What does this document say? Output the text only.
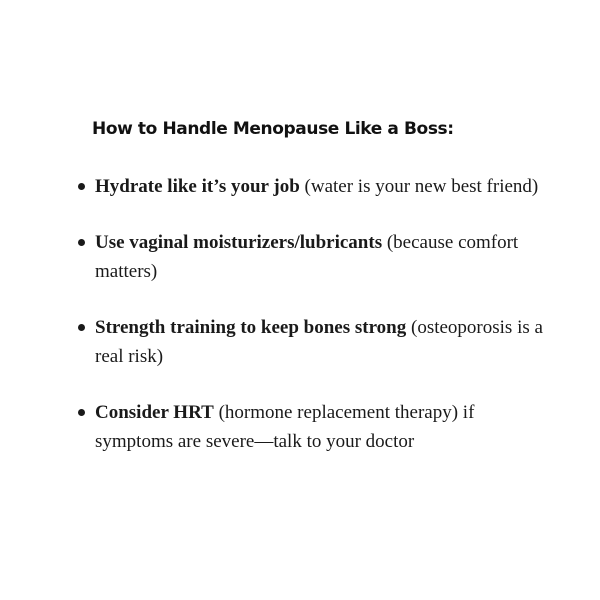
How to Handle Menopause Like a Boss:
Hydrate like it’s your job (water is your new best friend)
Use vaginal moisturizers/lubricants (because comfort matters)
Strength training to keep bones strong (osteoporosis is a real risk)
Consider HRT (hormone replacement therapy) if symptoms are severe—talk to your doctor
